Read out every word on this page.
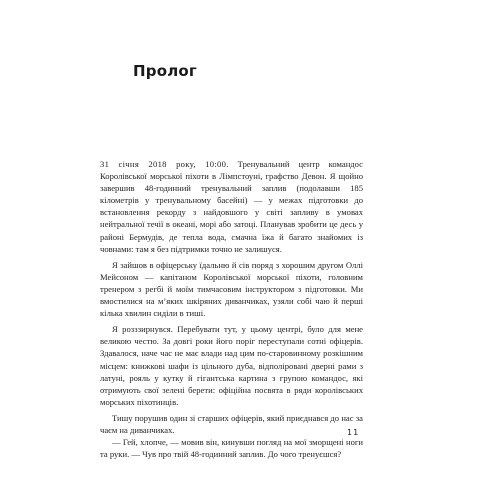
Пролог

31 січня 2018 року, 10:00. Тренувальний центр командос Королівської морської піхоти в Лімпстоуні, графство Девон. Я щойно завершив 48-годинний тренувальний заплив (подолавши 185 кілометрів у тренувальному басейні) — у межах підготовки до встановлення рекорду з найдовшого у світі запливу в умовах нейтральної течії в океані, морі або затоці. Планував зробити це десь у районі Бермудів, де тепла вода, смачна їжа й багато знайомих із човнами: там я без підтримки точно не залишуся.

Я зайшов в офіцерську їдальню й сів поряд з хорошим другом Оллі Мейсоном — капітаном Королівської морської піхоти, головним тренером з регбі й моїм тимчасовим інструктором з підготовки. Ми вмостилися на м’яких шкіряних диванчиках, узяли собі чаю й перші кілька хвилин сиділи в тиші.

Я розззирнувся. Перебувати тут, у цьому центрі, було для мене великою честю. За довгі роки його поріг переступали сотні офіцерів. Здавалося, наче час не має влади над цим по-старовинному розкішним місцем: книжкові шафи із цільного дуба, відполіровані дверні рами з латуні, рояль у кутку й гігантська картина з групою командос, які отримують свої зелені берети: офіційна посвята в ряди королівських морських піхотинців.

Тишу порушив один зі старших офіцерів, який приєднався до нас за чаєм на диванчиках.

— Гей, хлопче, — мовив він, кинувши погляд на мої зморщені ноги та руки. — Чув про твій 48-годинний заплив. До чого тренуєшся?

11
